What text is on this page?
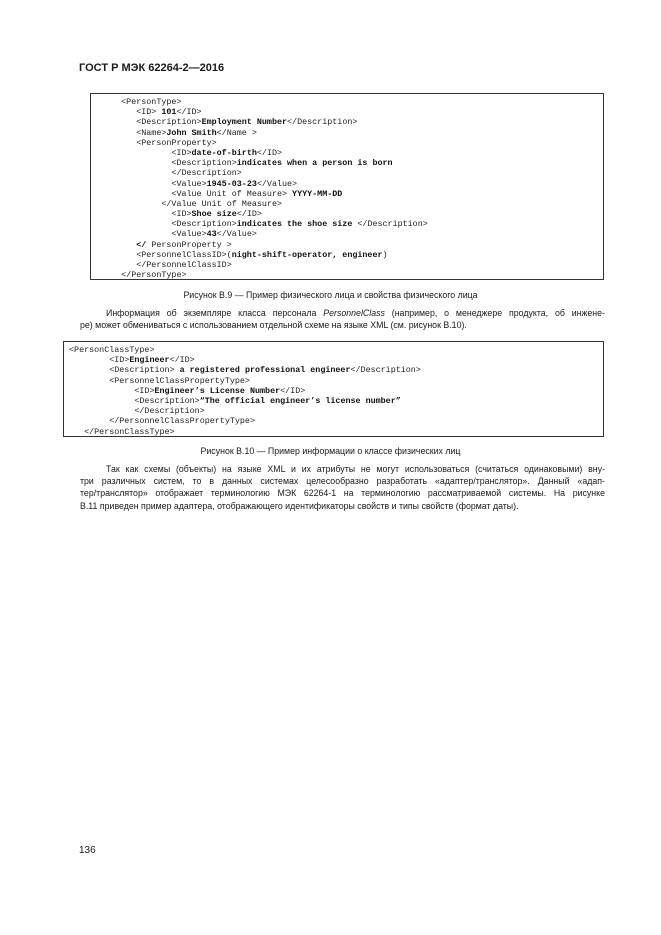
ГОСТ Р МЭК 62264-2—2016
<PersonType>
<ID> 101</ID>
<Description>Employment Number</Description>
<Name>John Smith</Name >
<PersonProperty>
<ID>date-of-birth</ID>
<Description>indicates when a person is born
</Description>
<Value>1945-03-23</Value>
<Value Unit of Measure> YYYY-MM-DD
</Value Unit of Measure>
<ID>Shoe size</ID>
<Description>indicates the shoe size </Description>
<Value>43</Value>
</ PersonProperty >
<PersonnelClassID>(night-shift-operator, engineer)
</PersonnelClassID>
</PersonType>
Рисунок В.9 — Пример физического лица и свойства физического лица
Информация об экземпляре класса персонала PersonnelClass (например, о менеджере продукта, об инжене-
ре) может обмениваться с использованием отдельной схеме на языке XML (см. рисунок В.10).
<PersonClassType>
<ID>Engineer</ID>
<Description> a registered professional engineer</Description>
<PersonnelClassPropertyType>
<ID>Engineer’s License Number</ID>
<Description>“The official engineer’s license number”
</Description>
</PersonnelClassPropertyType>
</PersonClassType>
Рисунок В.10 — Пример информации о классе физических лиц
Так как схемы (объекты) на языке XML и их атрибуты не могут использоваться (считаться одинаковыми) вну-
три различных систем, то в данных системах целесообразно разработать «адаптер/транслятор». Данный «адап-
тер/транслятор» отображает терминологию МЭК 62264-1 на терминологию рассматриваемой системы. На рисунке
В.11 приведен пример адаптера, отображающего идентификаторы свойств и типы свойств (формат даты).
136
